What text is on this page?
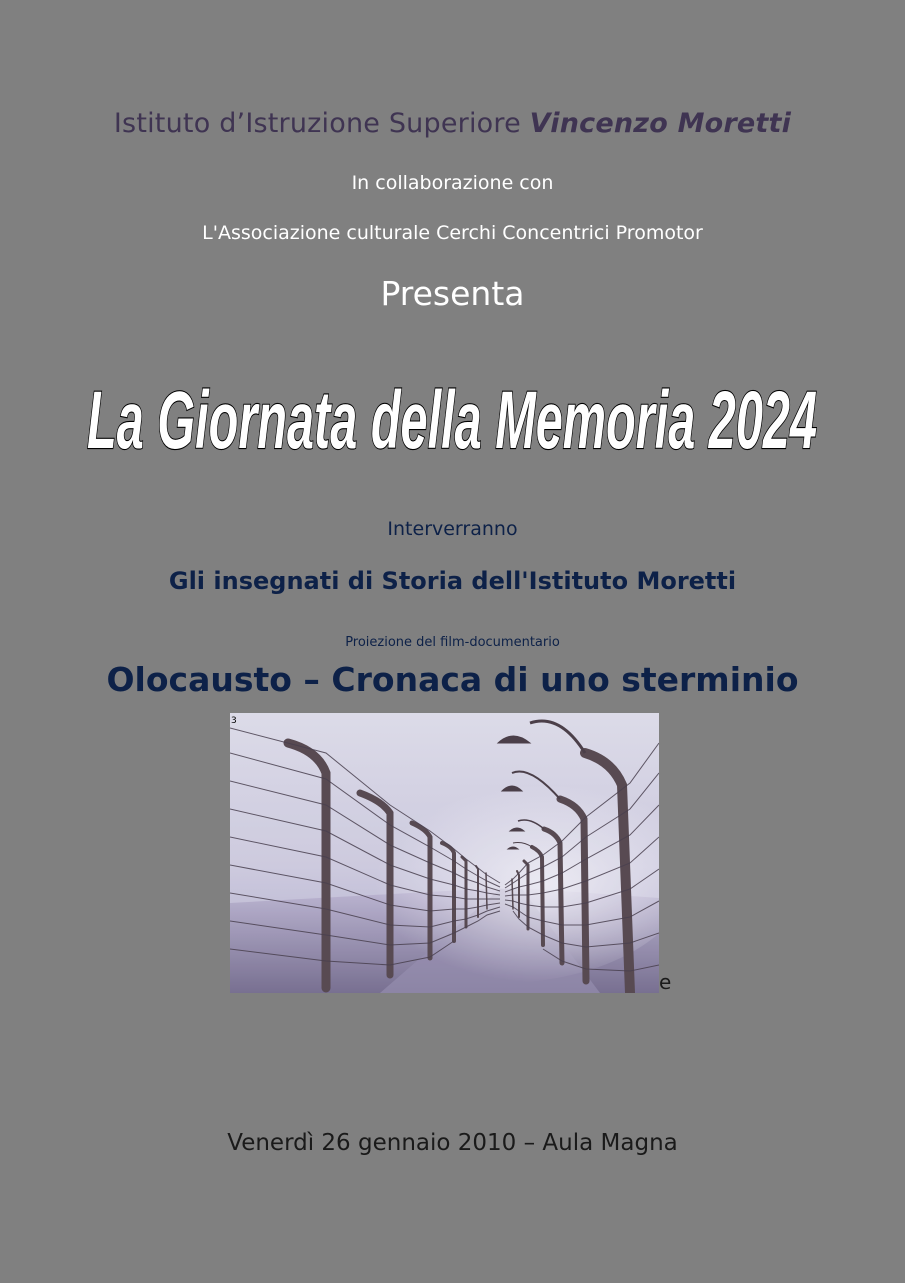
Istituto d’Istruzione Superiore Vincenzo Moretti
In collaborazione con
L'Associazione culturale Cerchi Concentrici Promotor
Presenta
La Giornata della Memoria 2024
Interverranno
Gli insegnati di Storia dell'Istituto Moretti
Proiezione del film-documentario
Olocausto – Cronaca di uno sterminio
3
e
Venerdì 26 gennaio 2010 – Aula Magna
